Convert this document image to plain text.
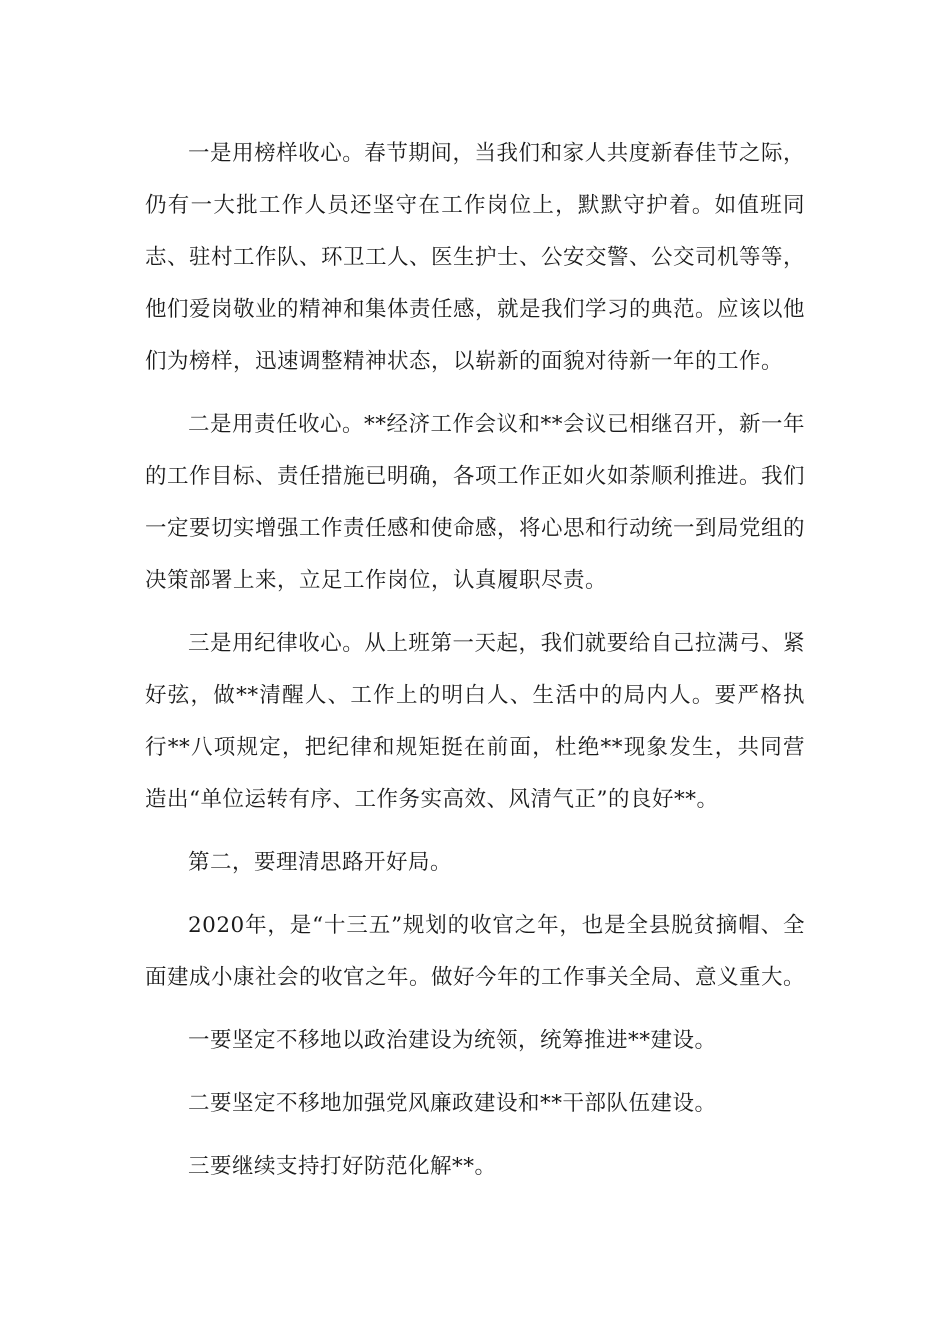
一是用榜样收心。春节期间，当我们和家人共度新春佳节之际，仍有一大批工作人员还坚守在工作岗位上，默默守护着。如值班同志、驻村工作队、环卫工人、医生护士、公安交警、公交司机等等，他们爱岗敬业的精神和集体责任感，就是我们学习的典范。应该以他们为榜样，迅速调整精神状态，以崭新的面貌对待新一年的工作。

二是用责任收心。**经济工作会议和**会议已相继召开，新一年的工作目标、责任措施已明确，各项工作正如火如荼顺利推进。我们一定要切实增强工作责任感和使命感，将心思和行动统一到局党组的决策部署上来，立足工作岗位，认真履职尽责。

三是用纪律收心。从上班第一天起，我们就要给自己拉满弓、紧好弦，做**清醒人、工作上的明白人、生活中的局内人。要严格执行**八项规定，把纪律和规矩挺在前面，杜绝**现象发生，共同营造出“单位运转有序、工作务实高效、风清气正”的良好**。

第二，要理清思路开好局。

2020年，是“十三五”规划的收官之年，也是全县脱贫摘帽、全面建成小康社会的收官之年。做好今年的工作事关全局、意义重大。

一要坚定不移地以政治建设为统领，统筹推进**建设。

二要坚定不移地加强党风廉政建设和**干部队伍建设。

三要继续支持打好防范化解**。
